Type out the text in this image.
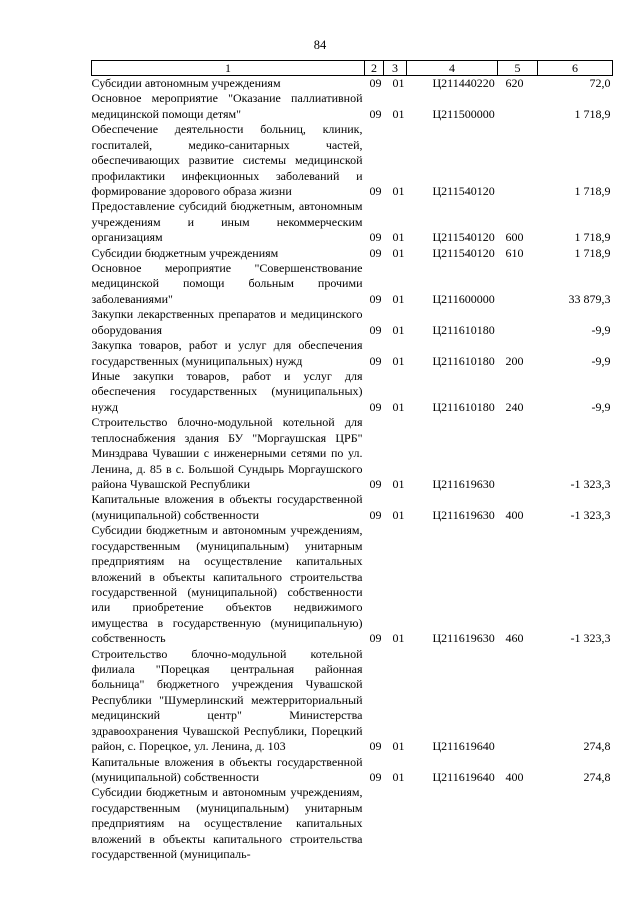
84
1	2	3	4	5	6
Субсидии автономным учреждениям	09	01	Ц211440220	620	72,0
Основное мероприятие "Оказание паллиативной медицинской помощи детям"	09	01	Ц211500000		1 718,9
Обеспечение деятельности больниц, клиник, госпиталей, медико-санитарных частей, обеспечивающих развитие системы медицинской профилактики инфекционных заболеваний и формирование здорового образа жизни	09	01	Ц211540120		1 718,9
Предоставление субсидий бюджетным, автономным учреждениям и иным некоммерческим организациям	09	01	Ц211540120	600	1 718,9
Субсидии бюджетным учреждениям	09	01	Ц211540120	610	1 718,9
Основное мероприятие "Совершенствование медицинской помощи больным прочими заболеваниями"	09	01	Ц211600000		33 879,3
Закупки лекарственных препаратов и медицинского оборудования	09	01	Ц211610180		-9,9
Закупка товаров, работ и услуг для обеспечения государственных (муниципальных) нужд	09	01	Ц211610180	200	-9,9
Иные закупки товаров, работ и услуг для обеспечения государственных (муниципальных) нужд	09	01	Ц211610180	240	-9,9
Строительство блочно-модульной котельной для теплоснабжения здания БУ "Моргаушская ЦРБ" Минздрава Чувашии с инженерными сетями по ул. Ленина, д. 85 в с. Большой Сундырь Моргаушского района Чувашской Республики	09	01	Ц211619630		-1 323,3
Капитальные вложения в объекты государственной (муниципальной) собственности	09	01	Ц211619630	400	-1 323,3
Субсидии бюджетным и автономным учреждениям, государственным (муниципальным) унитарным предприятиям на осуществление капитальных вложений в объекты капитального строительства государственной (муниципальной) собственности или приобретение объектов недвижимого имущества в государственную (муниципальную) собственность	09	01	Ц211619630	460	-1 323,3
Строительство блочно-модульной котельной филиала "Порецкая центральная районная больница" бюджетного учреждения Чувашской Республики "Шумерлинский межтерриториальный медицинский центр" Министерства здравоохранения Чувашской Республики, Порецкий район, с. Порецкое, ул. Ленина, д. 103	09	01	Ц211619640		274,8
Капитальные вложения в объекты государственной (муниципальной) собственности	09	01	Ц211619640	400	274,8
Субсидии бюджетным и автономным учреждениям, государственным (муниципальным) унитарным предприятиям на осуществление капитальных вложений в объекты капитального строительства государственной (муниципаль-					
